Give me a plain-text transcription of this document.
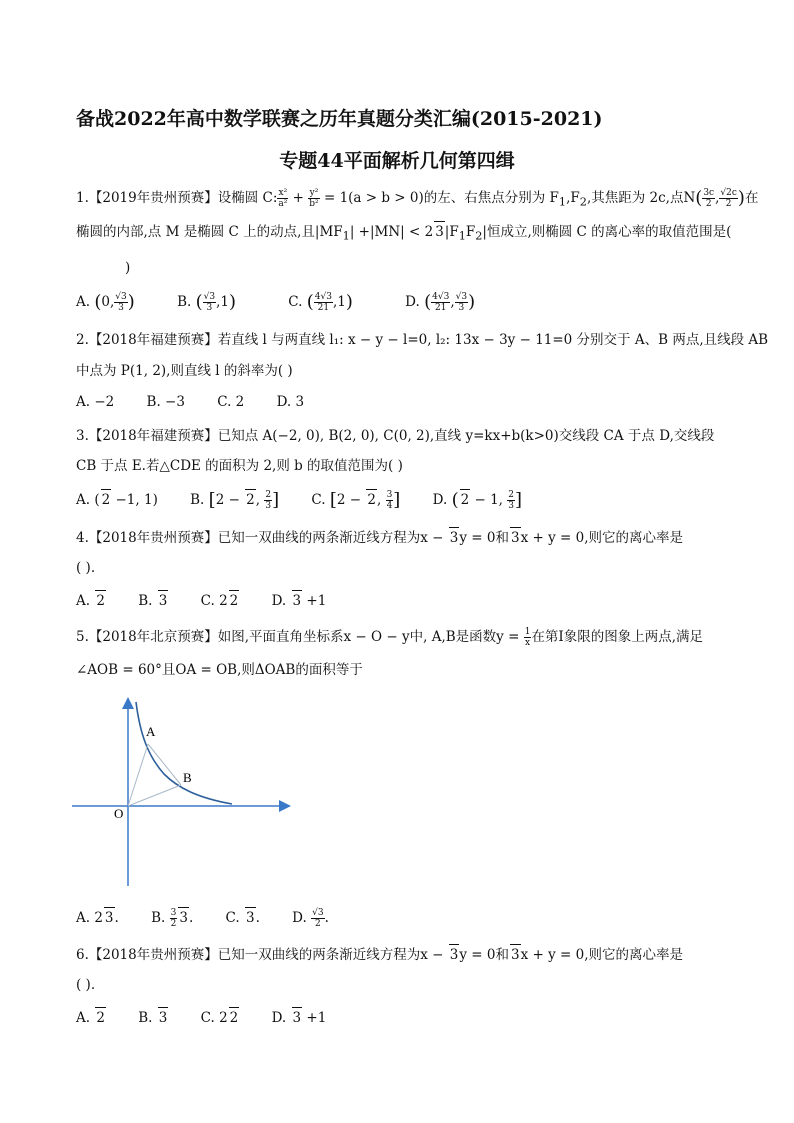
备战2022年高中数学联赛之历年真题分类汇编(2015-2021)
专题44平面解析几何第四缉
1.【2019年贵州预赛】设椭圆 C: $\frac{\text{x²}}{\text{a²}} + \frac{\text{y²}}{\text{b²}} = 1(a > b > 0)$的左、右焦点分别为 $F_1,F_2$,其焦距为 2c,点$N( \frac{3c}{2}$ , $\frac{√2c}{2}$ )在
椭圆的内部,点 M 是椭圆 C 上的动点,且$|MF_1| +|MN| < 2$ $3|F_1F_2|$恒成立,则椭圆 C 的离心率的取值范围是(
)
A. (0, $\frac{√3}{3}$ )	B. ( $\frac{√3}{3} ,1$)	C. ( $\frac{4√3}{21} ,1$)	D. ( $\frac{4√3}{21}$ , $\frac{√3}{3}$ )
2.【2018年福建预赛】若直线 l 与两直线 l₁: x − y − l=0, l₂: 13x − 3y − 11=0 分别交于 A、B 两点,且线段 AB
中点为 P(1, 2),则直线 l 的斜率为( )
A. −2 B. −3 C. 2 D. 3
3.【2018年福建预赛】已知点 A(−2, 0), B(2, 0), C(0, 2),直线 y=kx+b(k>0)交线段 CA 于点 D,交线段
CB 于点 E.若△CDE 的面积为 2,则 b 的取值范围为( )
A. ( 2 −1, 1) B. [2 − 2, $\frac{2}{3}$ ] C. [2 − 2, $\frac{3}{4}$ ] D. ( 2 − 1, $\frac{2}{3}$ ]
4.【2018年贵州预赛】已知一双曲线的两条渐近线方程为x − 3y = 0和 3x + y = 0,则它的离心率是
( ).
A. 2 B. 3 C. 2 2 D. 3 +1
5.【2018年北京预赛】如图,平面直角坐标系x − O − y中, A,B是函数$y = \frac{1}{x}$ 在第Ⅰ象限的图象上两点,满足
∠AOB = 60°且OA = OB,则ΔOAB的面积等于
A
B
O
A. 2 3. B. $\frac{3}{2} 3$. C. 3. D. $\frac{√3}{2}$ .
6.【2018年贵州预赛】已知一双曲线的两条渐近线方程为x − 3y = 0和 3x + y = 0,则它的离心率是
( ).
A. 2 B. 3 C. 2 2 D. 3 +1
